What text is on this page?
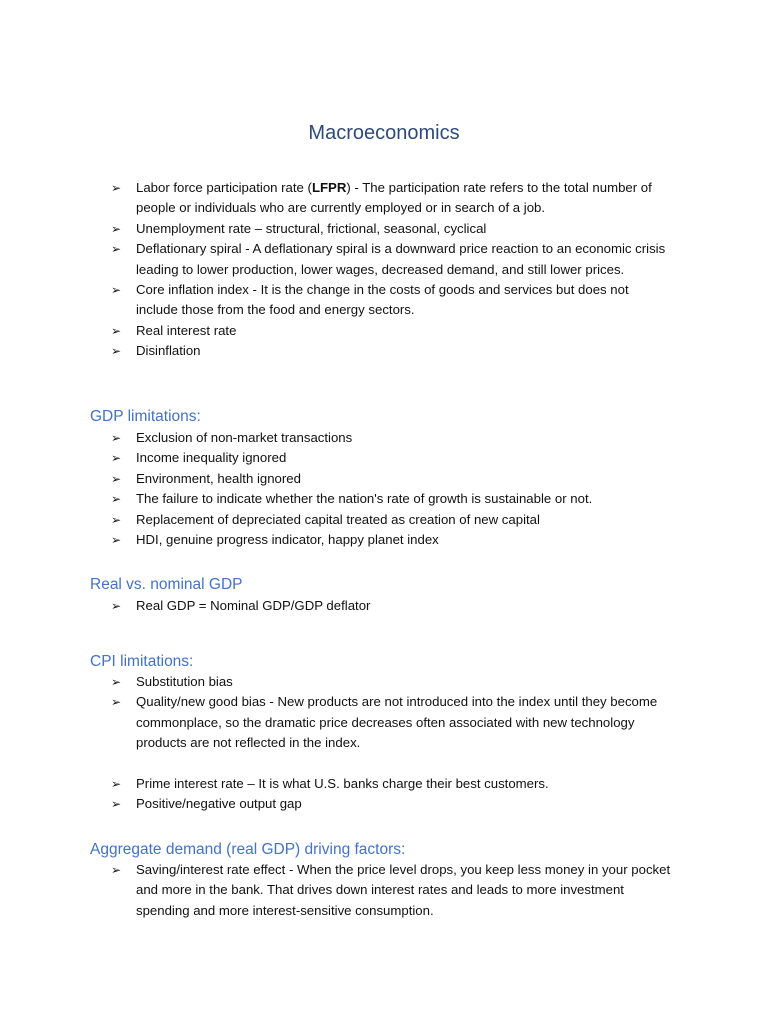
Macroeconomics
➢ Labor force participation rate (LFPR) - The participation rate refers to the total number of people or individuals who are currently employed or in search of a job.
➢ Unemployment rate – structural, frictional, seasonal, cyclical
➢ Deflationary spiral - A deflationary spiral is a downward price reaction to an economic crisis leading to lower production, lower wages, decreased demand, and still lower prices.
➢ Core inflation index - It is the change in the costs of goods and services but does not include those from the food and energy sectors.
➢ Real interest rate
➢ Disinflation
GDP limitations:
➢ Exclusion of non-market transactions
➢ Income inequality ignored
➢ Environment, health ignored
➢ The failure to indicate whether the nation's rate of growth is sustainable or not.
➢ Replacement of depreciated capital treated as creation of new capital
➢ HDI, genuine progress indicator, happy planet index
Real vs. nominal GDP
➢ Real GDP = Nominal GDP/GDP deflator
CPI limitations:
➢ Substitution bias
➢ Quality/new good bias - New products are not introduced into the index until they become commonplace, so the dramatic price decreases often associated with new technology products are not reflected in the index.
➢ Prime interest rate – It is what U.S. banks charge their best customers.
➢ Positive/negative output gap
Aggregate demand (real GDP) driving factors:
➢ Saving/interest rate effect - When the price level drops, you keep less money in your pocket and more in the bank. That drives down interest rates and leads to more investment spending and more interest-sensitive consumption.
